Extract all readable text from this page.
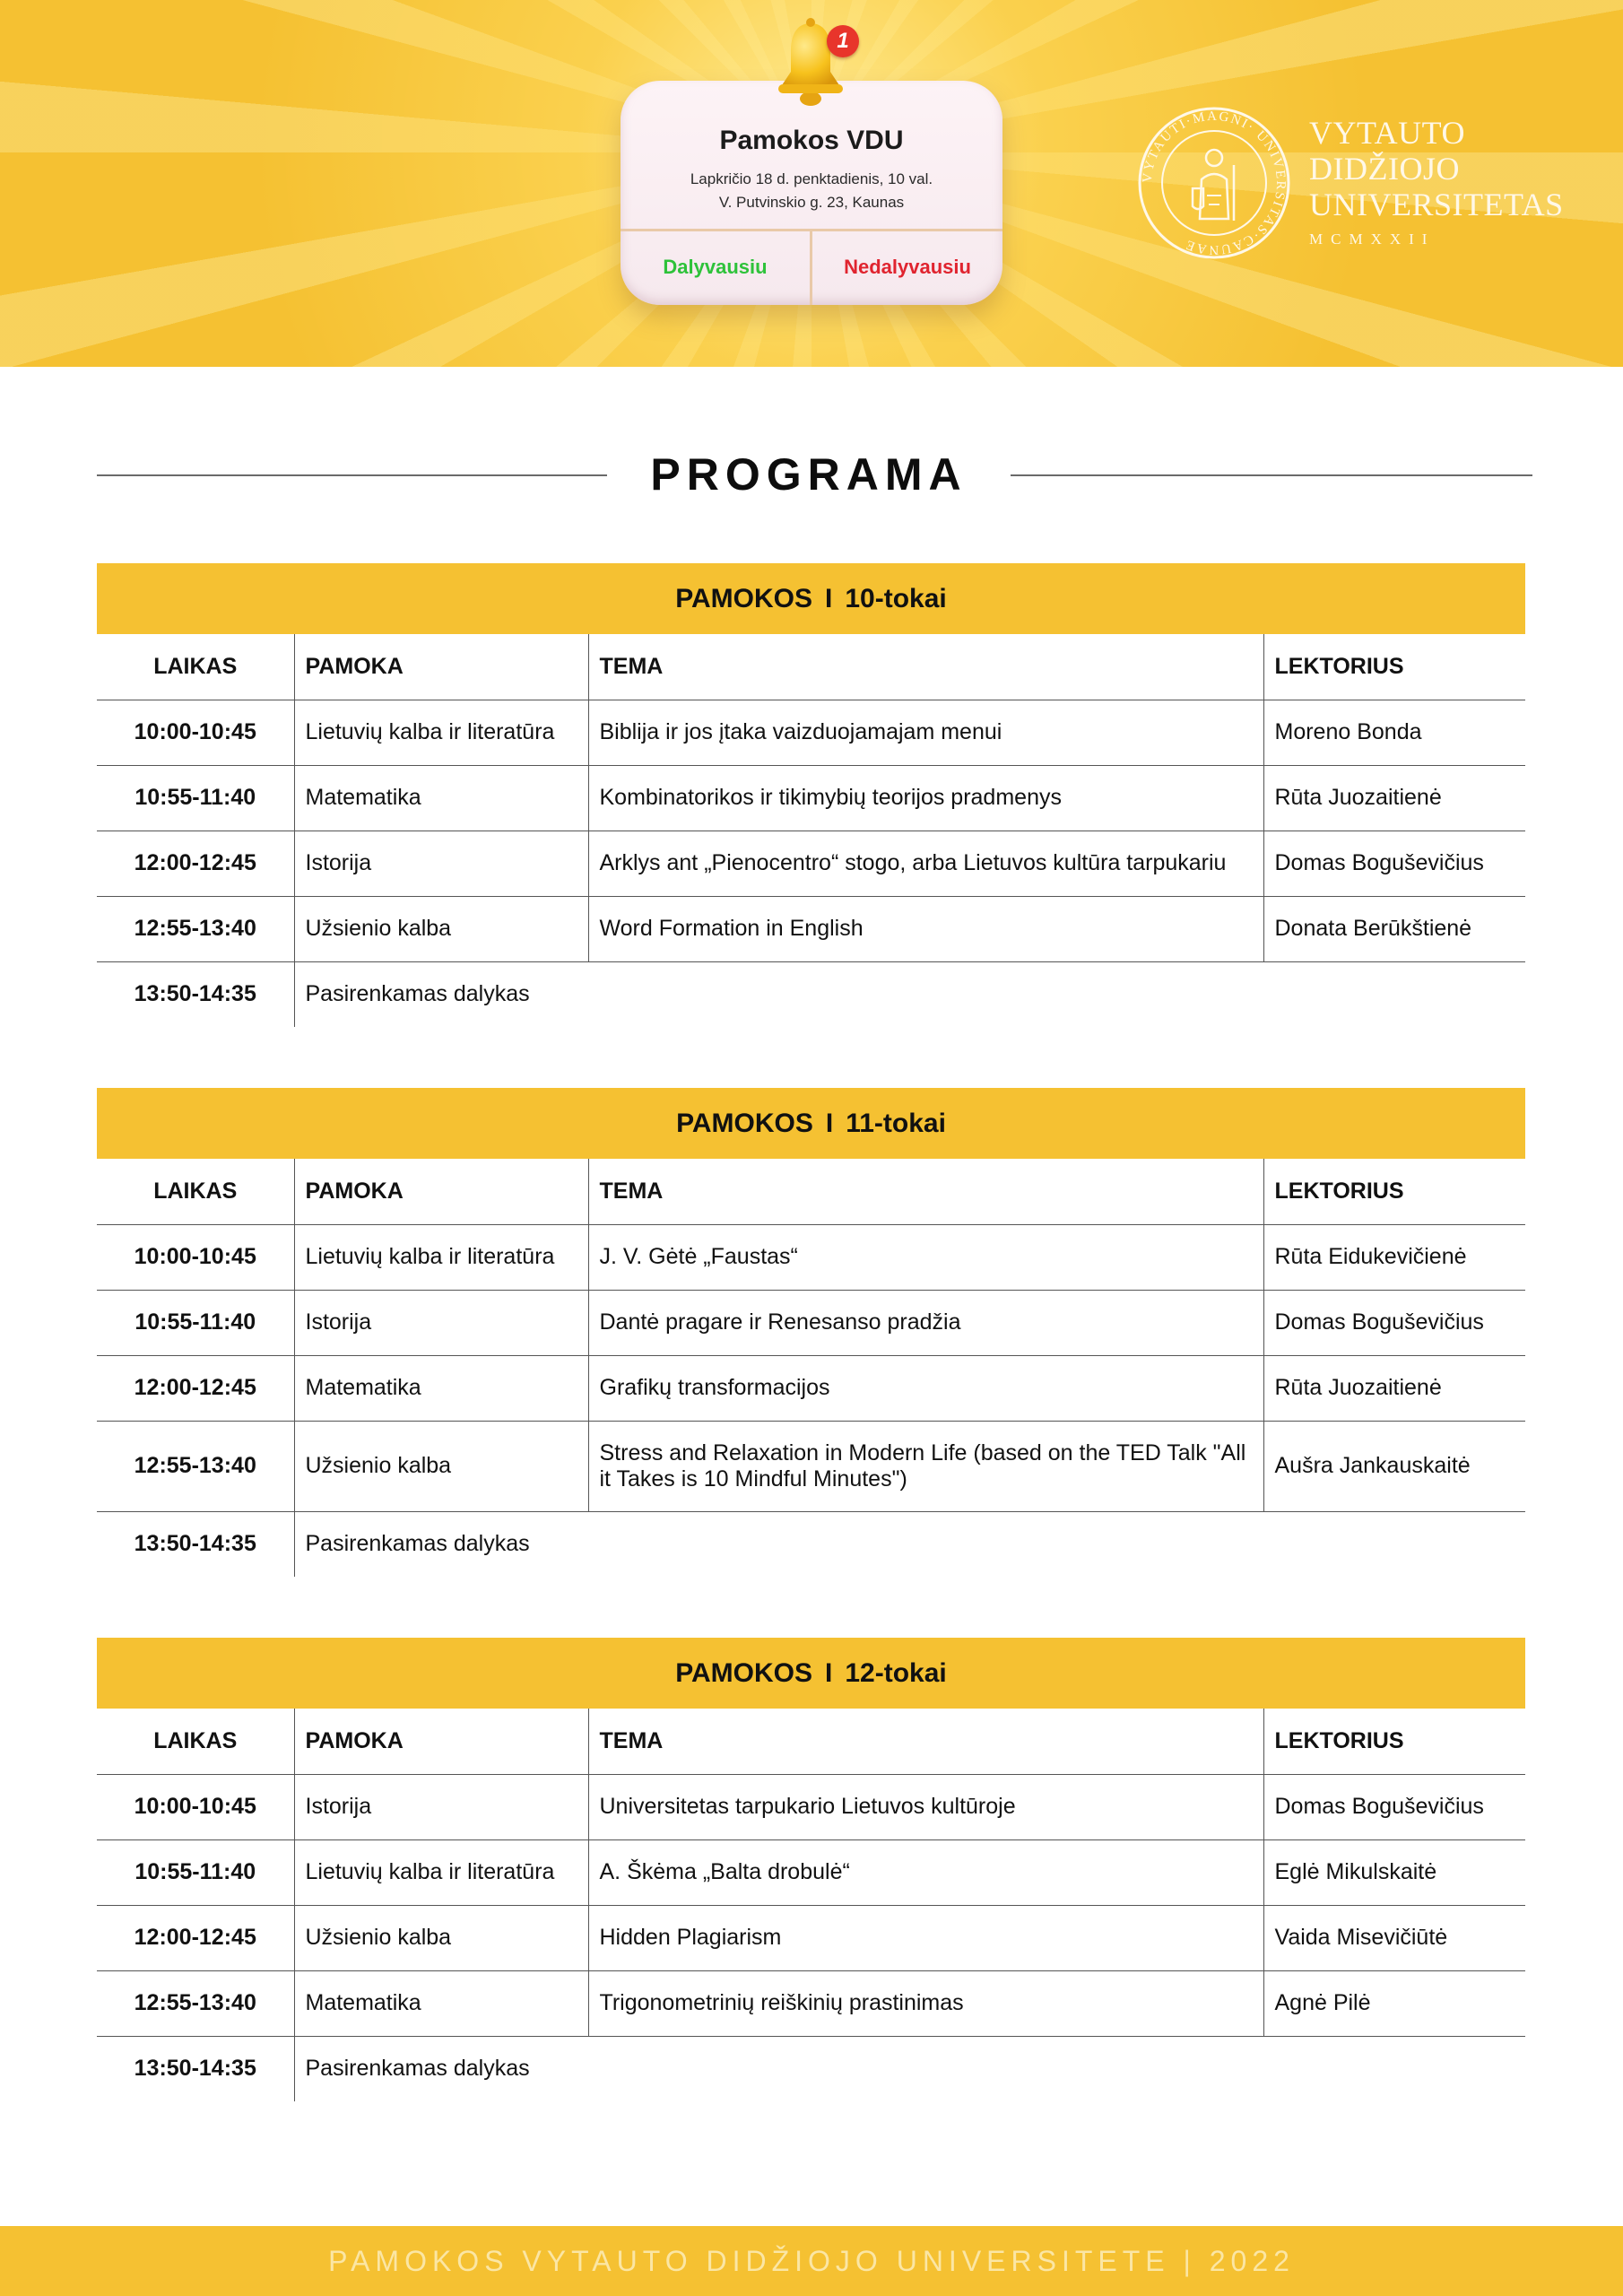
Pamokos VDU
Lapkričio 18 d. penktadienis, 10 val.
V. Putvinskio g. 23, Kaunas
Dalyvausiu	Nedalyvausiu
1
VYTAUTI·MAGNI· UNIVERSITAS·CAUNAE
VYTAUTO
DIDŽIOJO
UNIVERSITETAS
MCMXXII
PROGRAMA
PAMOKOS I 10-tokai
LAIKAS	PAMOKA	TEMA	LEKTORIUS
10:00-10:45	Lietuvių kalba ir literatūra	Biblija ir jos įtaka vaizduojamajam menui	Moreno Bonda
10:55-11:40	Matematika	Kombinatorikos ir tikimybių teorijos pradmenys	Rūta Juozaitienė
12:00-12:45	Istorija	Arklys ant „Pienocentro“ stogo, arba Lietuvos kultūra tarpukariu	Domas Boguševičius
12:55-13:40	Užsienio kalba	Word Formation in English	Donata Berūkštienė
13:50-14:35	Pasirenkamas dalykas		
PAMOKOS I 11-tokai
LAIKAS	PAMOKA	TEMA	LEKTORIUS
10:00-10:45	Lietuvių kalba ir literatūra	J. V. Gėtė „Faustas“	Rūta Eidukevičienė
10:55-11:40	Istorija	Dantė pragare ir Renesanso pradžia	Domas Boguševičius
12:00-12:45	Matematika	Grafikų transformacijos	Rūta Juozaitienė
12:55-13:40	Užsienio kalba	Stress and Relaxation in Modern Life (based on the TED Talk "All it Takes is 10 Mindful Minutes")	Aušra Jankauskaitė
13:50-14:35	Pasirenkamas dalykas		
PAMOKOS I 12-tokai
LAIKAS	PAMOKA	TEMA	LEKTORIUS
10:00-10:45	Istorija	Universitetas tarpukario Lietuvos kultūroje	Domas Boguševičius
10:55-11:40	Lietuvių kalba ir literatūra	A. Škėma „Balta drobulė“	Eglė Mikulskaitė
12:00-12:45	Užsienio kalba	Hidden Plagiarism	Vaida Misevičiūtė
12:55-13:40	Matematika	Trigonometrinių reiškinių prastinimas	Agnė Pilė
13:50-14:35	Pasirenkamas dalykas		
PAMOKOS VYTAUTO DIDŽIOJO UNIVERSITETE | 2022
